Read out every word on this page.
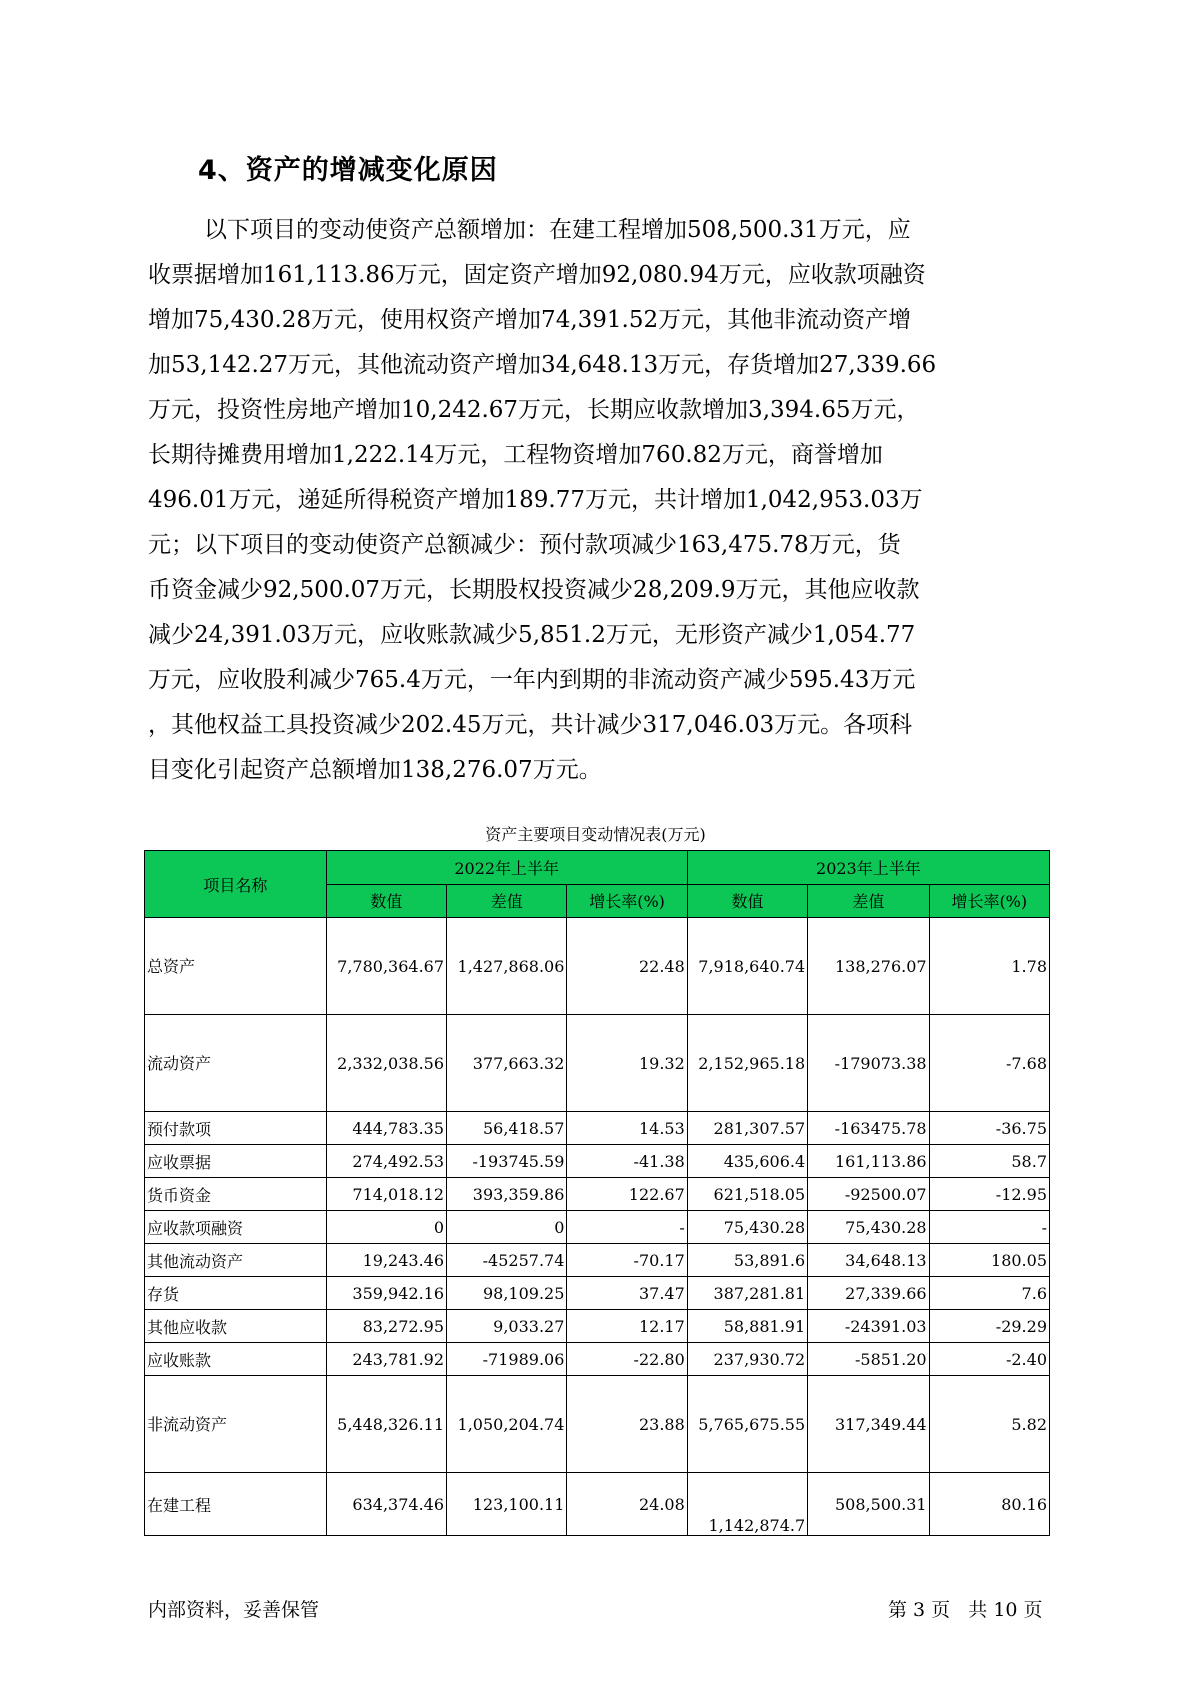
4、资产的增减变化原因
以下项目的变动使资产总额增加：在建工程增加508,500.31万元，应
收票据增加161,113.86万元，固定资产增加92,080.94万元，应收款项融资
增加75,430.28万元，使用权资产增加74,391.52万元，其他非流动资产增
加53,142.27万元，其他流动资产增加34,648.13万元，存货增加27,339.66
万元，投资性房地产增加10,242.67万元，长期应收款增加3,394.65万元，
长期待摊费用增加1,222.14万元，工程物资增加760.82万元，商誉增加
496.01万元，递延所得税资产增加189.77万元，共计增加1,042,953.03万
元；以下项目的变动使资产总额减少：预付款项减少163,475.78万元，货
币资金减少92,500.07万元，长期股权投资减少28,209.9万元，其他应收款
减少24,391.03万元，应收账款减少5,851.2万元，无形资产减少1,054.77
万元，应收股利减少765.4万元，一年内到期的非流动资产减少595.43万元
，其他权益工具投资减少202.45万元，共计减少317,046.03万元。各项科
目变化引起资产总额增加138,276.07万元。
资产主要项目变动情况表(万元)
项目名称	2022年上半年			2023年上半年		
	数值	差值	增长率(%)	数值	差值	增长率(%)
总资产	7,780,364.67	1,427,868.06	22.48	7,918,640.74	138,276.07	1.78
流动资产	2,332,038.56	377,663.32	19.32	2,152,965.18	-179073.38	-7.68
预付款项	444,783.35	56,418.57	14.53	281,307.57	-163475.78	-36.75
应收票据	274,492.53	-193745.59	-41.38	435,606.4	161,113.86	58.7
货币资金	714,018.12	393,359.86	122.67	621,518.05	-92500.07	-12.95
应收款项融资	0	0	-	75,430.28	75,430.28	-
其他流动资产	19,243.46	-45257.74	-70.17	53,891.6	34,648.13	180.05
存货	359,942.16	98,109.25	37.47	387,281.81	27,339.66	7.6
其他应收款	83,272.95	9,033.27	12.17	58,881.91	-24391.03	-29.29
应收账款	243,781.92	-71989.06	-22.80	237,930.72	-5851.20	-2.40
非流动资产	5,448,326.11	1,050,204.74	23.88	5,765,675.55	317,349.44	5.82
在建工程	634,374.46	123,100.11	24.08	1,142,874.7	508,500.31	80.16
内部资料，妥善保管	第 3 页   共 10 页
